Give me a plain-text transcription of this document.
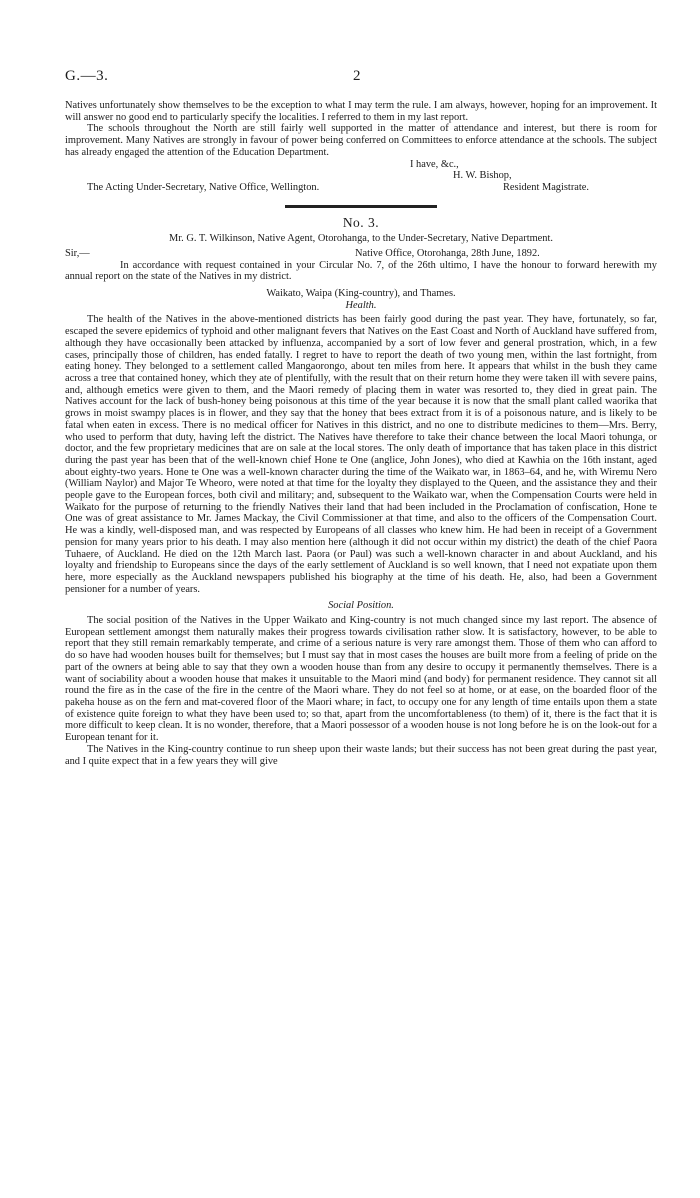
G.—3.	2

Natives unfortunately show themselves to be the exception to what I may term the rule. I am always, however, hoping for an improvement. It will answer no good end to particularly specify the localities. I referred to them in my last report.

The schools throughout the North are still fairly well supported in the matter of attendance and interest, but there is room for improvement. Many Natives are strongly in favour of power being conferred on Committees to enforce attendance at the schools. The subject has already engaged the attention of the Education Department.

I have, &c.,
H. W. Bishop,
The Acting Under-Secretary, Native Office, Wellington.	Resident Magistrate.
No. 3.

Mr. G. T. Wilkinson, Native Agent, Otorohanga, to the Under-Secretary, Native Department.

Sir,—	Native Office, Otorohanga, 28th June, 1892.

In accordance with request contained in your Circular No. 7, of the 26th ultimo, I have the honour to forward herewith my annual report on the state of the Natives in my district.

Waikato, Waipa (King-country), and Thames.

Health.

The health of the Natives in the above-mentioned districts has been fairly good during the past year. They have, fortunately, so far, escaped the severe epidemics of typhoid and other malignant fevers that Natives on the East Coast and North of Auckland have suffered from, although they have occasionally been attacked by influenza, accompanied by a sort of low fever and general prostration, which, in a few cases, principally those of children, has ended fatally. I regret to have to report the death of two young men, within the last fortnight, from eating honey. They belonged to a settlement called Mangaorongo, about ten miles from here. It appears that whilst in the bush they came across a tree that contained honey, which they ate of plentifully, with the result that on their return home they were taken ill with severe pains, and, although emetics were given to them, and the Maori remedy of placing them in water was resorted to, they died in great pain. The Natives account for the lack of bush-honey being poisonous at this time of the year because it is now that the small plant called waorika that grows in moist swampy places is in flower, and they say that the honey that bees extract from it is of a poisonous nature, and is likely to be fatal when eaten in excess. There is no medical officer for Natives in this district, and no one to distribute medicines to them—Mrs. Berry, who used to perform that duty, having left the district. The Natives have therefore to take their chance between the local Maori tohunga, or doctor, and the few proprietary medicines that are on sale at the local stores. The only death of importance that has taken place in this district during the past year has been that of the well-known chief Hone te One (anglice, John Jones), who died at Kawhia on the 16th instant, aged about eighty-two years. Hone te One was a well-known character during the time of the Waikato war, in 1863–64, and he, with Wiremu Nero (William Naylor) and Major Te Wheoro, were noted at that time for the loyalty they displayed to the Queen, and the assistance they and their people gave to the European forces, both civil and military; and, subsequent to the Waikato war, when the Compensation Courts were held in Waikato for the purpose of returning to the friendly Natives their land that had been included in the Proclamation of confiscation, Hone te One was of great assistance to Mr. James Mackay, the Civil Commissioner at that time, and also to the officers of the Compensation Court. He was a kindly, well-disposed man, and was respected by Europeans of all classes who knew him. He had been in receipt of a Government pension for many years prior to his death. I may also mention here (although it did not occur within my district) the death of the chief Paora Tuhaere, of Auckland. He died on the 12th March last. Paora (or Paul) was such a well-known character in and about Auckland, and his loyalty and friendship to Europeans since the days of the early settlement of Auckland is so well known, that I need not expatiate upon them here, more especially as the Auckland newspapers published his biography at the time of his death. He, also, had been a Government pensioner for a number of years.

Social Position.

The social position of the Natives in the Upper Waikato and King-country is not much changed since my last report. The absence of European settlement amongst them naturally makes their progress towards civilisation rather slow. It is satisfactory, however, to be able to report that they still remain remarkably temperate, and crime of a serious nature is very rare amongst them. Those of them who can afford to do so have had wooden houses built for themselves; but I must say that in most cases the houses are built more from a feeling of pride on the part of the owners at being able to say that they own a wooden house than from any desire to occupy it permanently themselves. There is a want of sociability about a wooden house that makes it unsuitable to the Maori mind (and body) for permanent residence. They cannot sit all round the fire as in the case of the fire in the centre of the Maori whare. They do not feel so at home, or at ease, on the boarded floor of the pakeha house as on the fern and mat-covered floor of the Maori whare; in fact, to occupy one for any length of time entails upon them a state of existence quite foreign to what they have been used to; so that, apart from the uncomfortableness (to them) of it, there is the fact that it is more difficult to keep clean. It is no wonder, therefore, that a Maori possessor of a wooden house is not long before he is on the look-out for a European tenant for it.

The Natives in the King-country continue to run sheep upon their waste lands; but their success has not been great during the past year, and I quite expect that in a few years they will give
